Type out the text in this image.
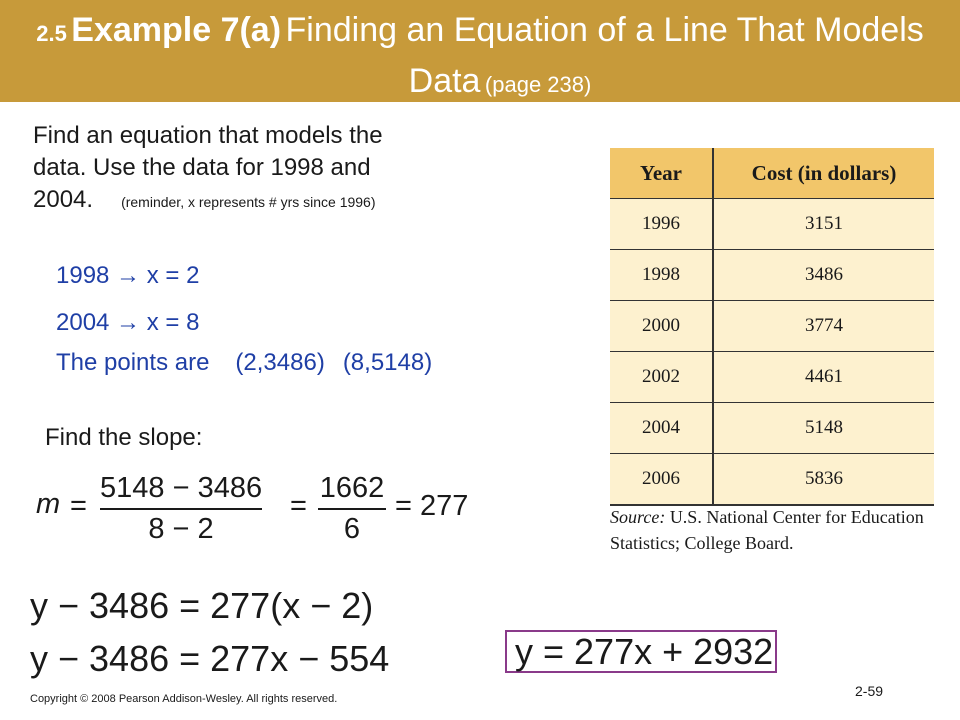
2.5 Example 7(a) Finding an Equation of a Line That Models
Data (page 238)
Find an equation that models the
data. Use the data for 1998 and
2004. (reminder, x represents # yrs since 1996)
1998 → x = 2
2004 → x = 8
The points are (2,3486) (8,5148)
Find the slope:
m =
5148 − 3486
8 − 2
=
1662
6
= 277
y − 3486 = 277(x − 2)
y − 3486 = 277x − 554	y = 277x + 2932
Year	Cost (in dollars)
1996	3151
1998	3486
2000	3774
2002	4461
2004	5148
2006	5836
Source: U.S. National Center for Education Statistics; College Board.
Copyright © 2008 Pearson Addison-Wesley. All rights reserved.	2-59
